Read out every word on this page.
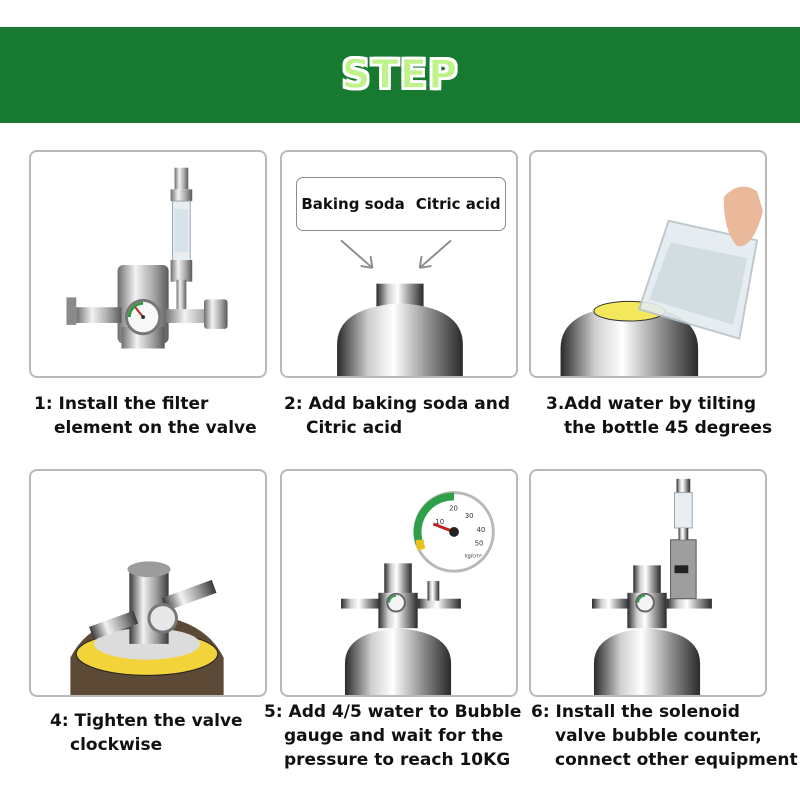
STEP
Baking soda Citric acid
10
20
30
40
50
kg/cm²
1: Install the filter
element on the valve
2: Add baking soda and
Citric acid
3.Add water by tilting
the bottle 45 degrees
4: Tighten the valve
clockwise
5: Add 4/5 water to Bubble
gauge and wait for the
pressure to reach 10KG
6: Install the solenoid
valve bubble counter,
connect other equipment
